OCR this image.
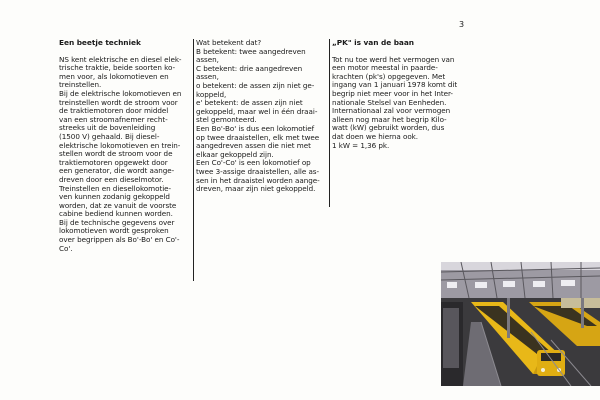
3
Een beetje techniek
NS kent elektrische en diesel elek-
trische traktie, beide soorten ko-
men voor, als lokomotieven en
treinstellen.
Bij de elektrische lokomotieven en
treinstellen wordt de stroom voor
de traktiemotoren door middel
van een stroomafnemer recht-
streeks uit de bovenleiding
(1500 V) gehaald. Bij diesel-
elektrische lokomotieven en trein-
stellen wordt de stroom voor de
traktiemotoren opgewekt door
een generator, die wordt aange-
dreven door een dieselmotor.
Treinstellen en diesellokomotie-
ven kunnen zodanig gekoppeld
worden, dat ze vanuit de voorste
cabine bediend kunnen worden.
Bij de technische gegevens over
lokomotieven wordt gesproken
over begrippen als Bo'-Bo' en Co'-
Co'.
Wat betekent dat?
B betekent: twee aangedreven
assen,
C betekent: drie aangedreven
assen,
o betekent: de assen zijn niet ge-
koppeld,
e' betekent: de assen zijn niet
gekoppeld, maar wel in één draai-
stel gemonteerd.
Een Bo'-Bo' is dus een lokomotief
op twee draaistellen, elk met twee
aangedreven assen die niet met
elkaar gekoppeld zijn.
Een Co'-Co' is een lokomotief op
twee 3-assige draaistellen, alle as-
sen in het draaistel worden aange-
dreven, maar zijn niet gekoppeld.
„PK" is van de baan
Tot nu toe werd het vermogen van
een motor meestal in paarde-
krachten (pk's) opgegeven. Met
ingang van 1 januari 1978 komt dit
begrip niet meer voor in het Inter-
nationale Stelsel van Eenheden.
Internationaal zal voor vermogen
alleen nog maar het begrip Kilo-
watt (kW) gebruikt worden, dus
dat doen we hierna ook.
1 kW = 1,36 pk.
